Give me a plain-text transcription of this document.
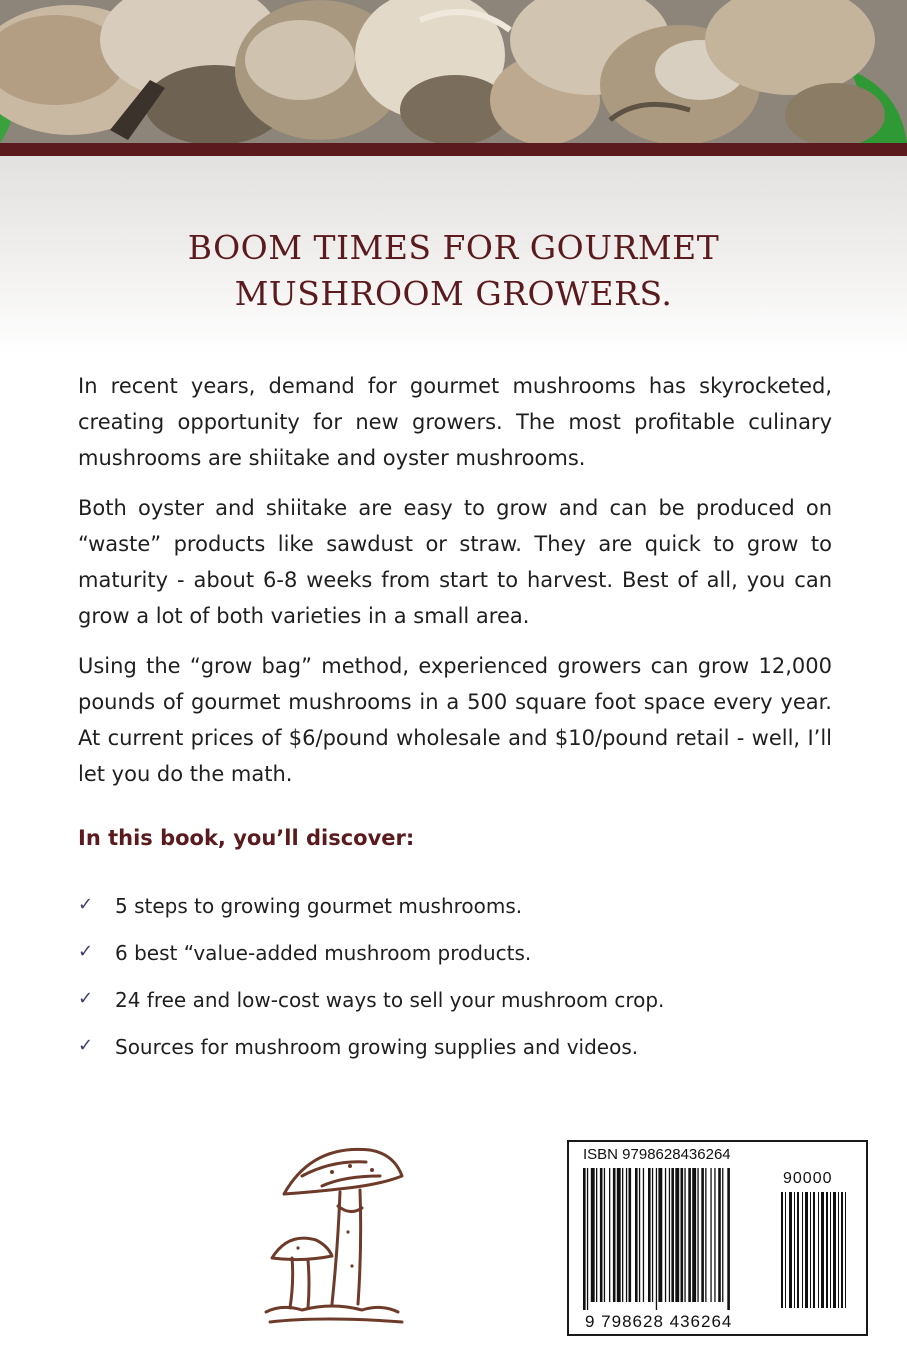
BOOM TIMES FOR GOURMET
MUSHROOM GROWERS.

In recent years, demand for gourmet mushrooms has skyrocketed, creating opportunity for new growers. The most profitable culinary mushrooms are shiitake and oyster mushrooms.

Both oyster and shiitake are easy to grow and can be produced on “waste” products like sawdust or straw. They are quick to grow to maturity - about 6-8 weeks from start to harvest. Best of all, you can grow a lot of both varieties in a small area.

Using the “grow bag” method, experienced growers can grow 12,000 pounds of gourmet mushrooms in a 500 square foot space every year. At current prices of $6/pound wholesale and $10/pound retail - well, I’ll let you do the math.

In this book, you’ll discover:
✓	5 steps to growing gourmet mushrooms.
✓	6 best “value-added mushroom products.
✓	24 free and low-cost ways to sell your mushroom crop.
✓	Sources for mushroom growing supplies and videos.
ISBN 9798628436264
90000
9 798628 436264
